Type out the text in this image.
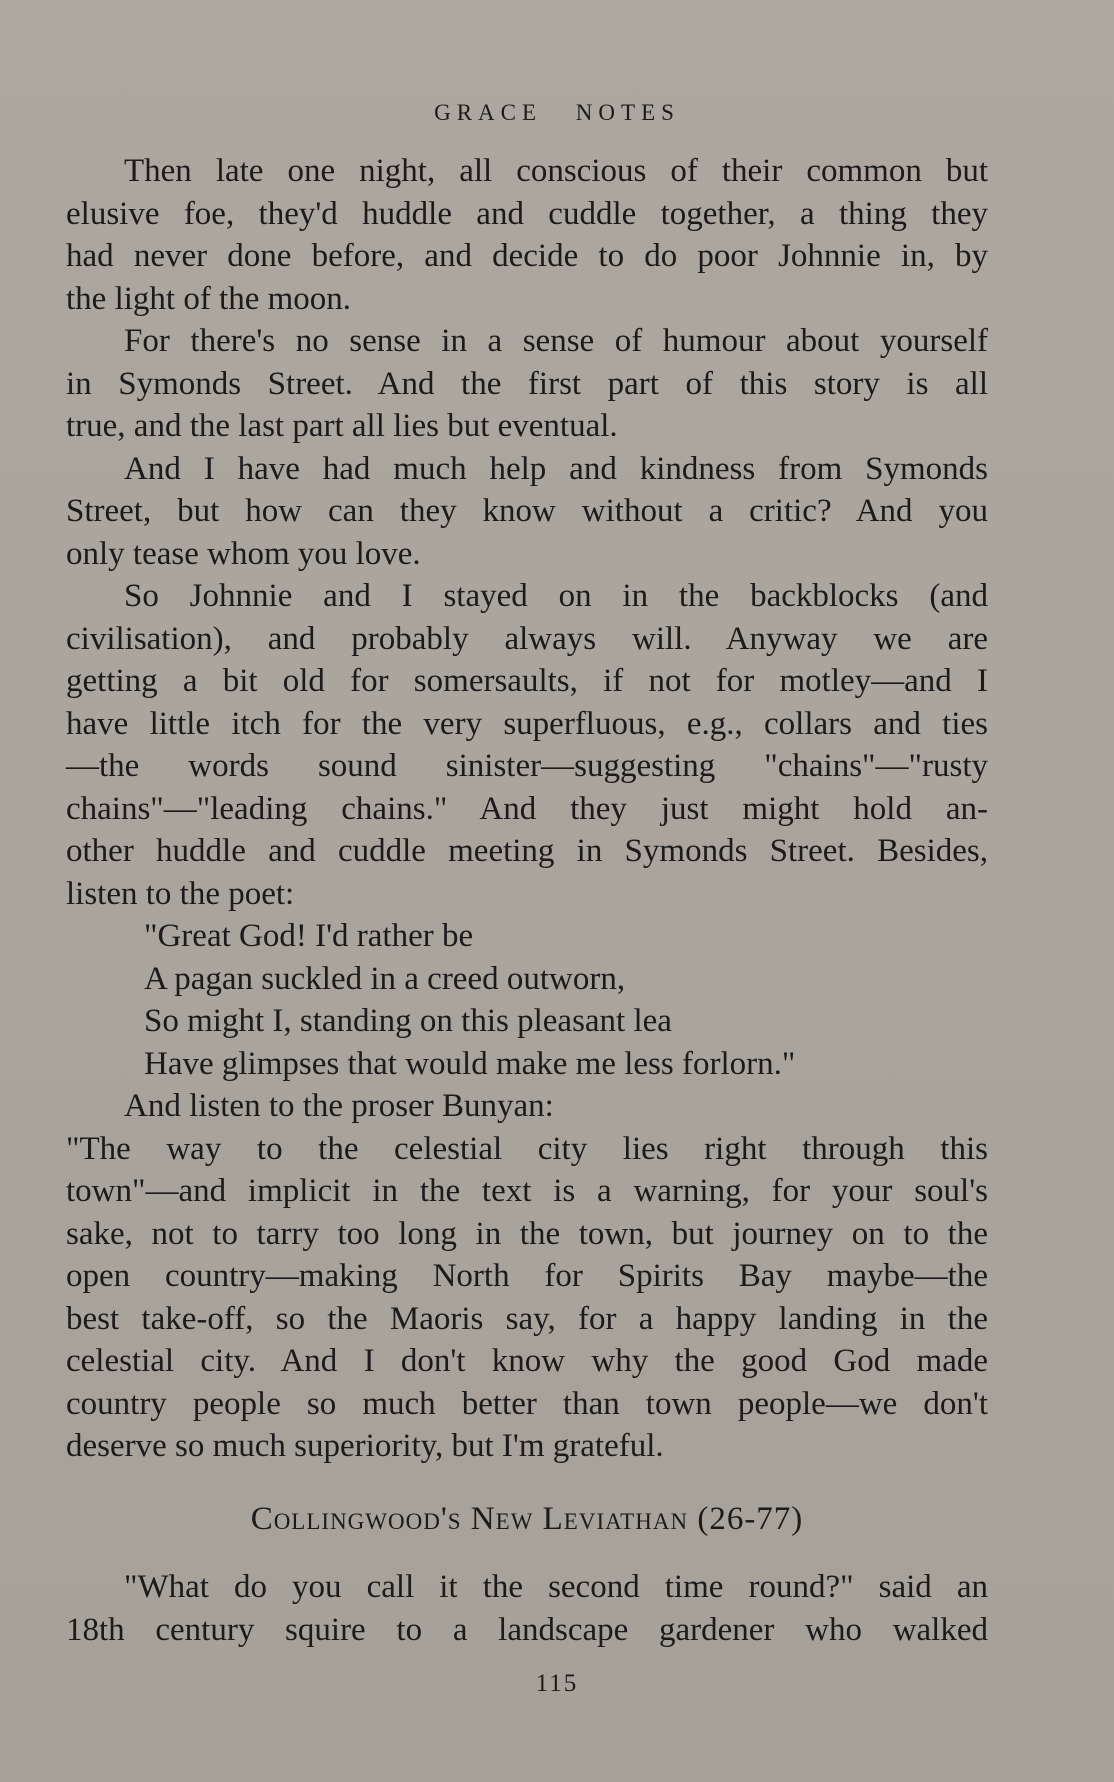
GRACE NOTES
Then late one night, all conscious of their common but
elusive foe, they'd huddle and cuddle together, a thing they
had never done before, and decide to do poor Johnnie in, by
the light of the moon.
For there's no sense in a sense of humour about yourself
in Symonds Street. And the first part of this story is all
true, and the last part all lies but eventual.
And I have had much help and kindness from Symonds
Street, but how can they know without a critic? And you
only tease whom you love.
So Johnnie and I stayed on in the backblocks (and
civilisation), and probably always will. Anyway we are
getting a bit old for somersaults, if not for motley—and I
have little itch for the very superfluous, e.g., collars and ties
—the words sound sinister—suggesting "chains"—"rusty
chains"—"leading chains." And they just might hold an-
other huddle and cuddle meeting in Symonds Street. Besides,
listen to the poet:
"Great God! I'd rather be
A pagan suckled in a creed outworn,
So might I, standing on this pleasant lea
Have glimpses that would make me less forlorn."
And listen to the proser Bunyan:
"The way to the celestial city lies right through this
town"—and implicit in the text is a warning, for your soul's
sake, not to tarry too long in the town, but journey on to the
open country—making North for Spirits Bay maybe—the
best take-off, so the Maoris say, for a happy landing in the
celestial city. And I don't know why the good God made
country people so much better than town people—we don't
deserve so much superiority, but I'm grateful.
Collingwood's New Leviathan (26-77)
"What do you call it the second time round?" said an
18th century squire to a landscape gardener who walked
115
